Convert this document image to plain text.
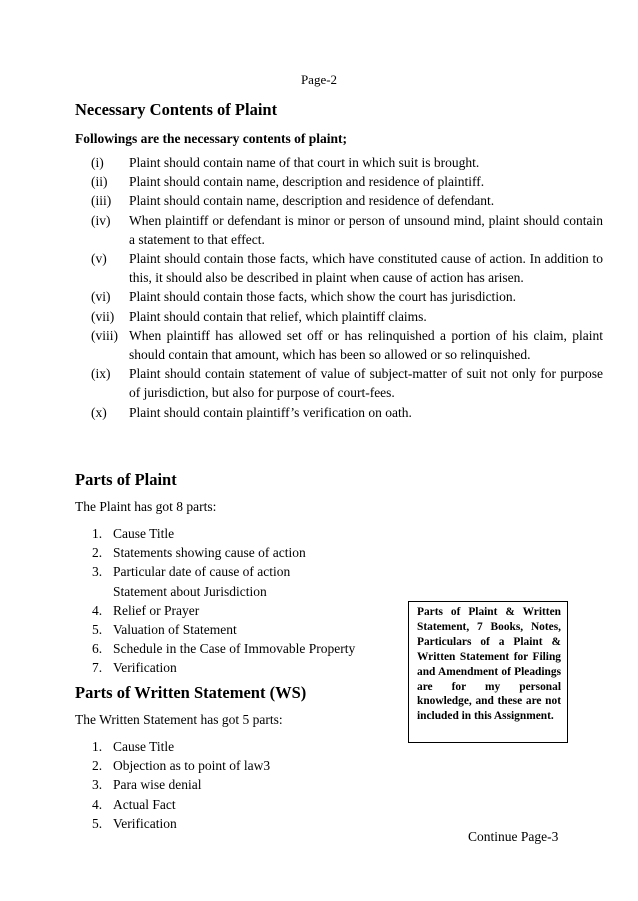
Page-2
Necessary Contents of Plaint
Followings are the necessary contents of plaint;
(i)	Plaint should contain name of that court in which suit is brought.
(ii)	Plaint should contain name, description and residence of plaintiff.
(iii)	Plaint should contain name, description and residence of defendant.
(iv)	When plaintiff or defendant is minor or person of unsound mind, plaint should contain a statement to that effect.
(v)	Plaint should contain those facts, which have constituted cause of action. In addition to this, it should also be described in plaint when cause of action has arisen.
(vi)	Plaint should contain those facts, which show the court has jurisdiction.
(vii)	Plaint should contain that relief, which plaintiff claims.
(viii) When plaintiff has allowed set off or has relinquished a portion of his claim, plaint should contain that amount, which has been so allowed or so relinquished.
(ix)	Plaint should contain statement of value of subject-matter of suit not only for purpose of jurisdiction, but also for purpose of court-fees.
(x)	Plaint should contain plaintiff’s verification on oath.
Parts of Plaint
The Plaint has got 8 parts:
1. Cause Title
2. Statements showing cause of action
3. Particular date of cause of action
Statement about Jurisdiction
4. Relief or Prayer
5. Valuation of Statement
6. Schedule in the Case of Immovable Property
7. Verification
Parts of Written Statement (WS)
The Written Statement has got 5 parts:
1. Cause Title
2. Objection as to point of law3
3. Para wise denial
4. Actual Fact
5. Verification
Parts of Plaint & Written Statement, 7 Books, Notes, Particulars of a Plaint & Written Statement for Filing and Amendment of Pleadings are for my personal knowledge, and these are not included in this Assignment.
Continue Page-3
